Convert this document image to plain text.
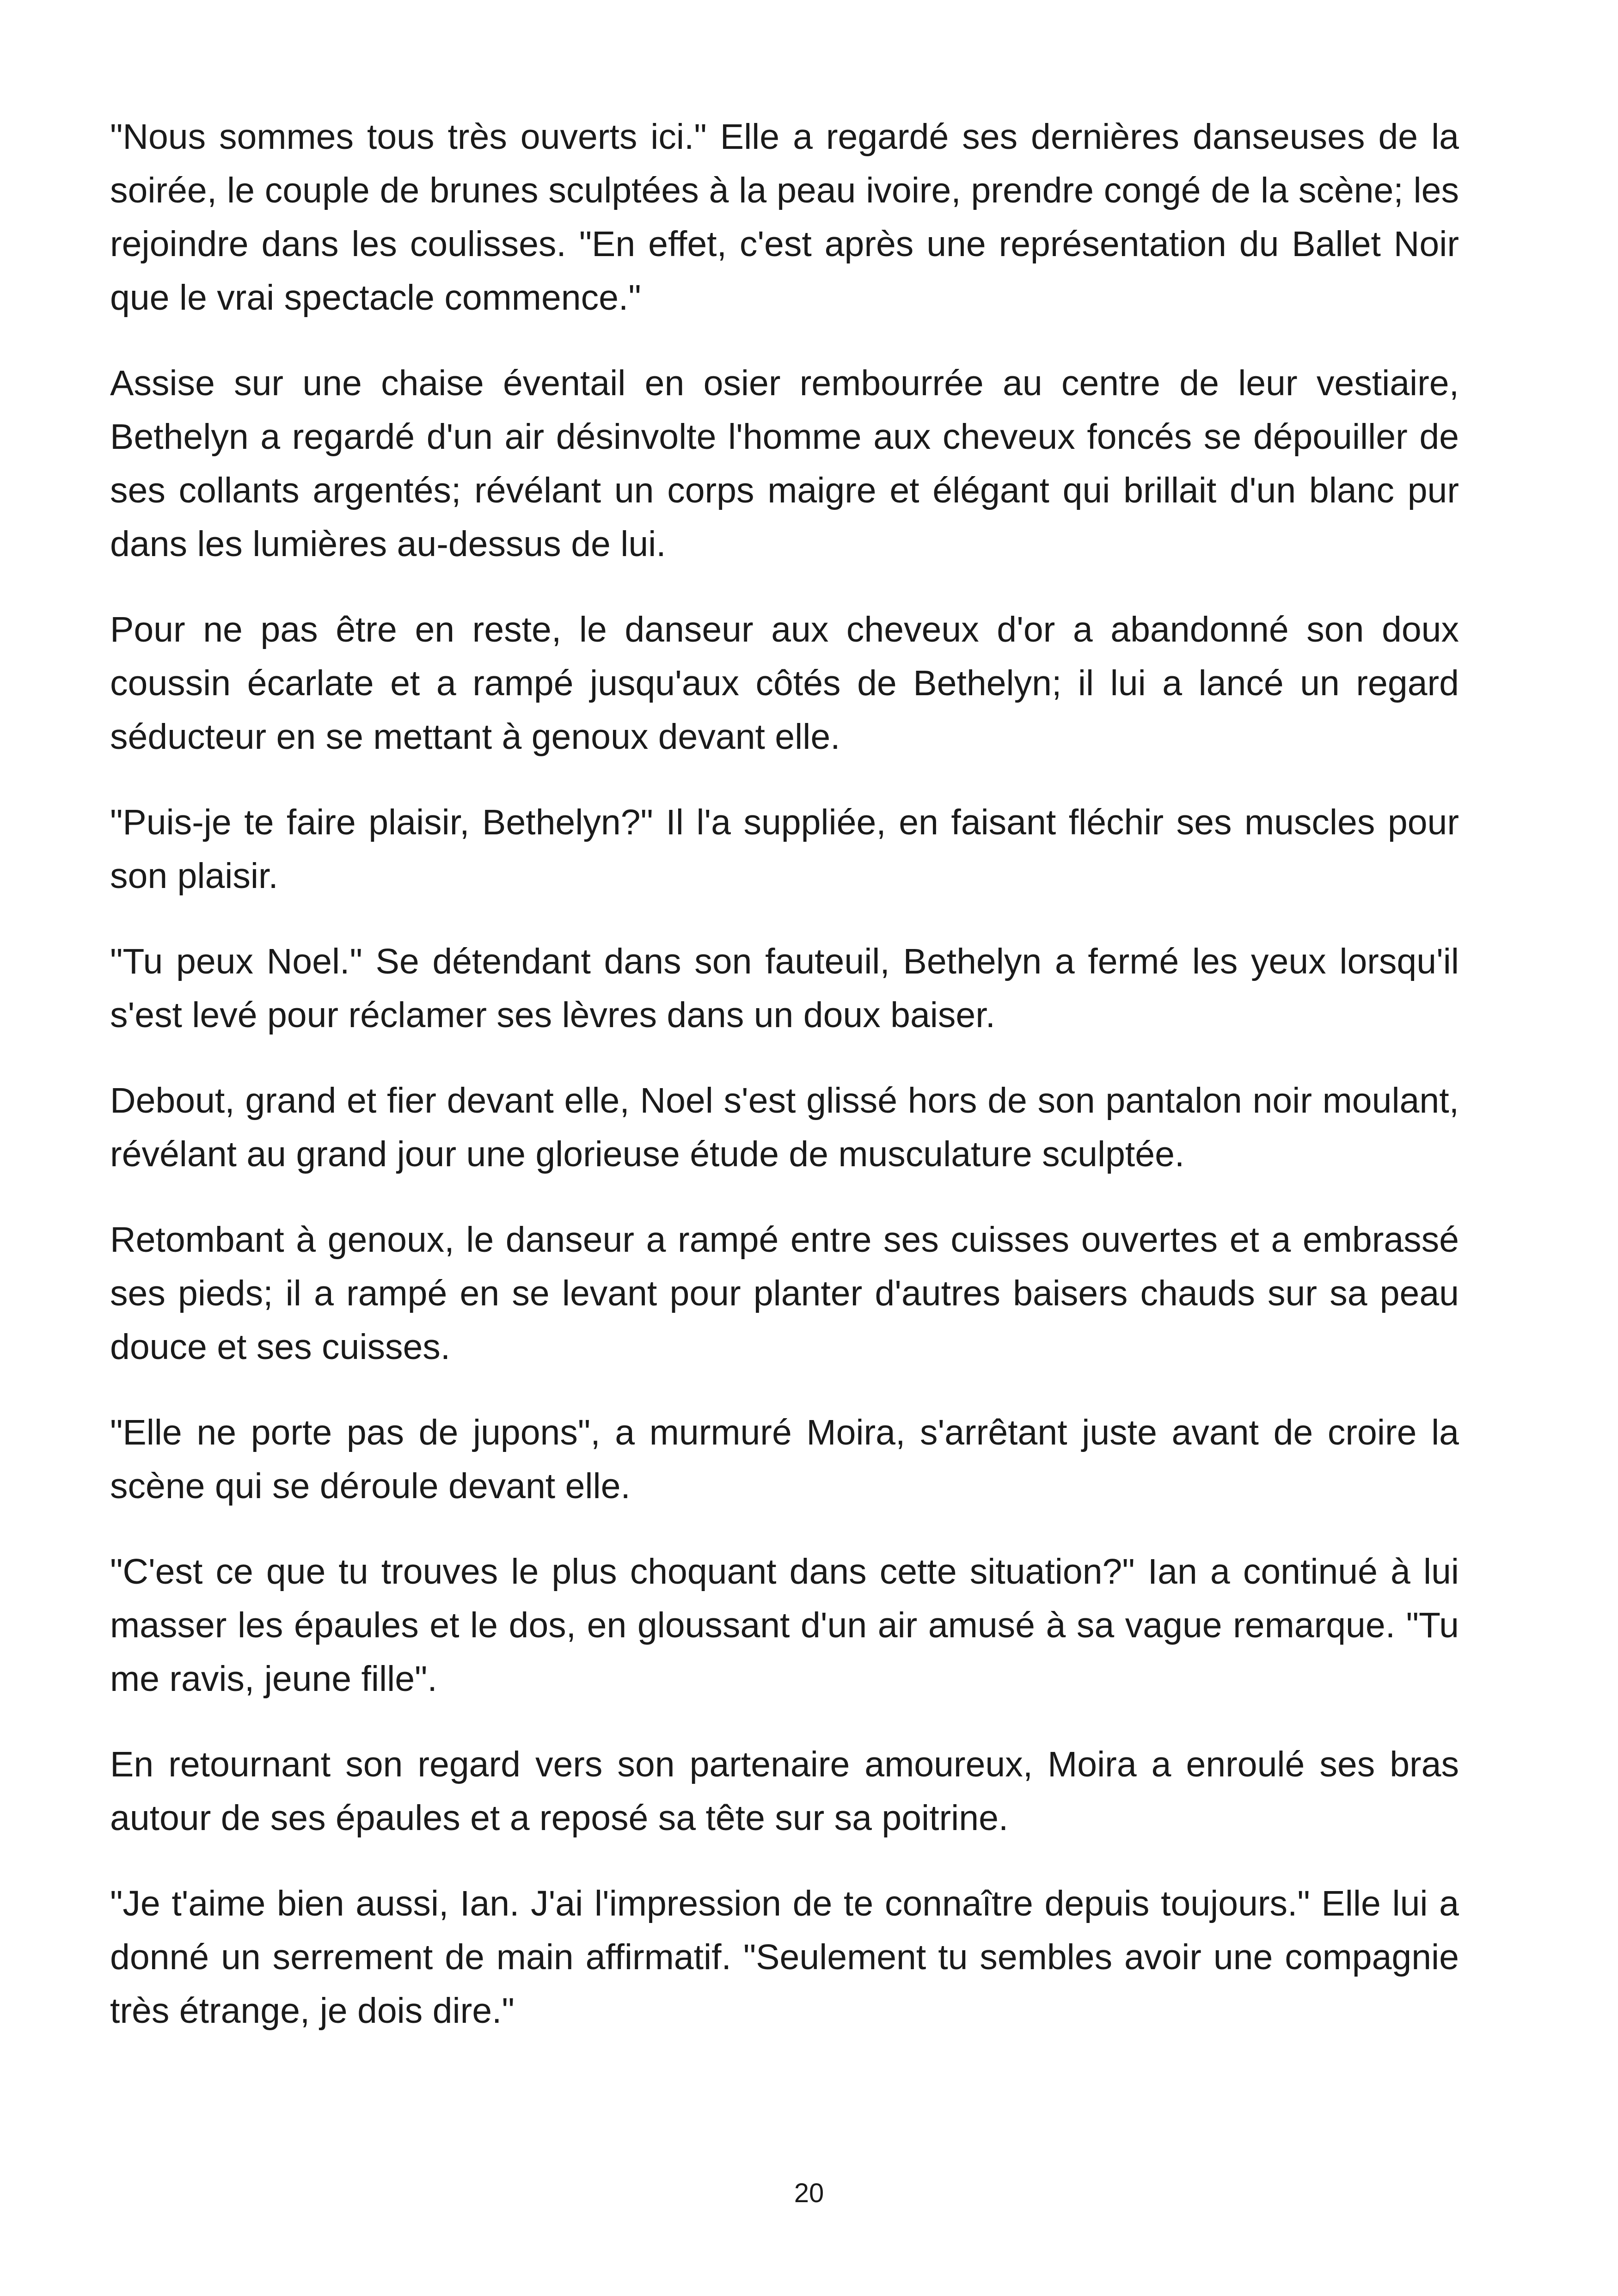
"Nous sommes tous très ouverts ici." Elle a regardé ses dernières danseuses de la soirée, le couple de brunes sculptées à la peau ivoire, prendre congé de la scène; les rejoindre dans les coulisses. "En effet, c'est après une représentation du Ballet Noir que le vrai spectacle commence."

Assise sur une chaise éventail en osier rembourrée au centre de leur vestiaire, Bethelyn a regardé d'un air désinvolte l'homme aux cheveux foncés se dépouiller de ses collants argentés; révélant un corps maigre et élégant qui brillait d'un blanc pur dans les lumières au-dessus de lui.

Pour ne pas être en reste, le danseur aux cheveux d'or a abandonné son doux coussin écarlate et a rampé jusqu'aux côtés de Bethelyn; il lui a lancé un regard séducteur en se mettant à genoux devant elle.

"Puis-je te faire plaisir, Bethelyn?" Il l'a suppliée, en faisant fléchir ses muscles pour son plaisir.

"Tu peux Noel." Se détendant dans son fauteuil, Bethelyn a fermé les yeux lorsqu'il s'est levé pour réclamer ses lèvres dans un doux baiser.

Debout, grand et fier devant elle, Noel s'est glissé hors de son pantalon noir moulant, révélant au grand jour une glorieuse étude de musculature sculptée.

Retombant à genoux, le danseur a rampé entre ses cuisses ouvertes et a embrassé ses pieds; il a rampé en se levant pour planter d'autres baisers chauds sur sa peau douce et ses cuisses.

"Elle ne porte pas de jupons", a murmuré Moira, s'arrêtant juste avant de croire la scène qui se déroule devant elle.

"C'est ce que tu trouves le plus choquant dans cette situation?" Ian a continué à lui masser les épaules et le dos, en gloussant d'un air amusé à sa vague remarque. "Tu me ravis, jeune fille".

En retournant son regard vers son partenaire amoureux, Moira a enroulé ses bras autour de ses épaules et a reposé sa tête sur sa poitrine.

"Je t'aime bien aussi, Ian. J'ai l'impression de te connaître depuis toujours." Elle lui a donné un serrement de main affirmatif. "Seulement tu sembles avoir une compagnie très étrange, je dois dire."

20
